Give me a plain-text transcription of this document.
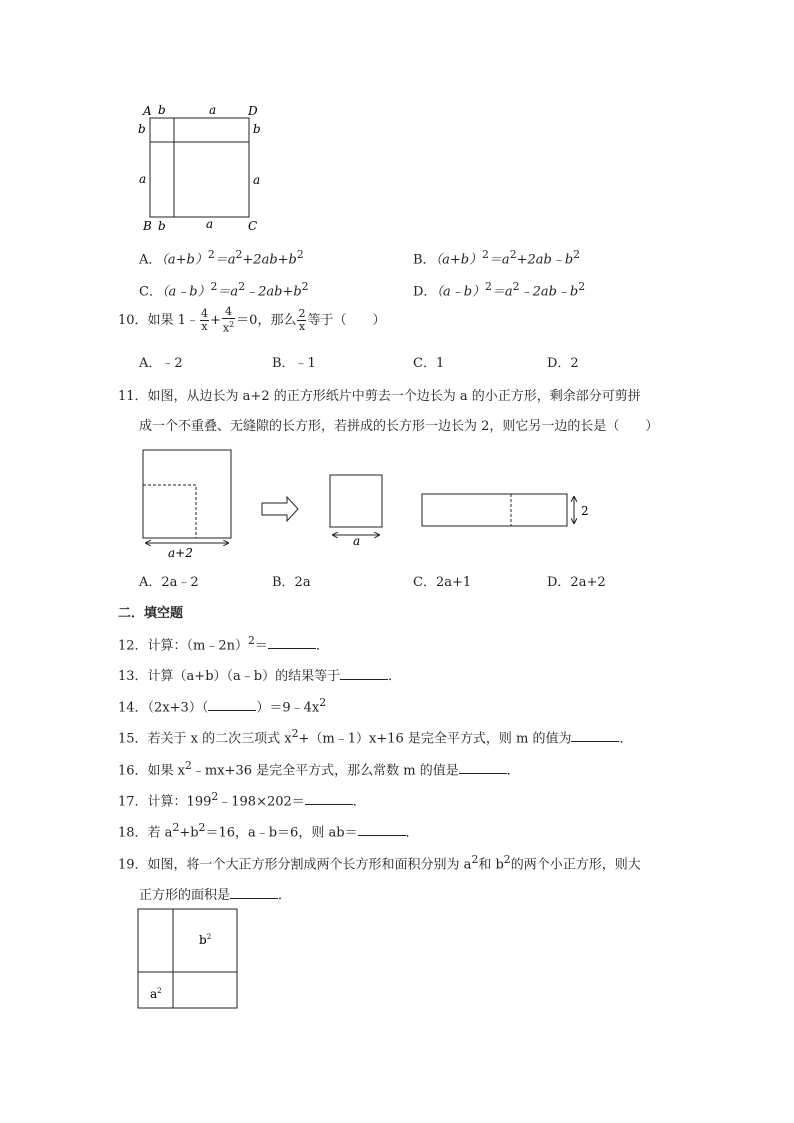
A b	a	D
b	b
a	a
B b	a	C
A．$(a+b)^2=a^2+2ab+b^2$	B．$(a+b)^2=a^2+2ab﹣b^2$
C．$(a﹣b)^2=a^2﹣2ab+b^2$	D．$(a﹣b)^2=a^2﹣2ab﹣b^2$
10．如果 1﹣ $\frac{4}{x} + \frac{4}{x^2} =0$，那么 $\frac{2}{x}$ 等于（　　）
A．﹣2	B．﹣1	C．1	D．2
11．如图，从边长为 a+2 的正方形纸片中剪去一个边长为 a 的小正方形，剩余部分可剪拼
成一个不重叠、无缝隙的长方形，若拼成的长方形一边长为 2，则它另一边的长是（　　）
a+2
a
2
A．2a﹣2	B．2a	C．2a+1	D．2a+2
二．填空题
12．计算：（m﹣2n）$^2$＝	．
13．计算（a+b）（a﹣b）的结果等于	．
14．（2x+3）（	）$=9﹣4x^2$
15．若关于 x 的二次三项式 $x^2+(m﹣1)x+16$ 是完全平方式，则 m 的值为	．
16．如果 $x^2﹣mx+36$ 是完全平方式，那么常数 m 的值是	．
17．计算：$199^2﹣198\times 202=$	．
18．若 $a^2+b^2=16$，a﹣b＝6，则 ab＝	．
19．如图，将一个大正方形分割成两个长方形和面积分别为 $a^2$和 $b^2$的两个小正方形，则大
正方形的面积是	．
$b^2$
$a^2$
